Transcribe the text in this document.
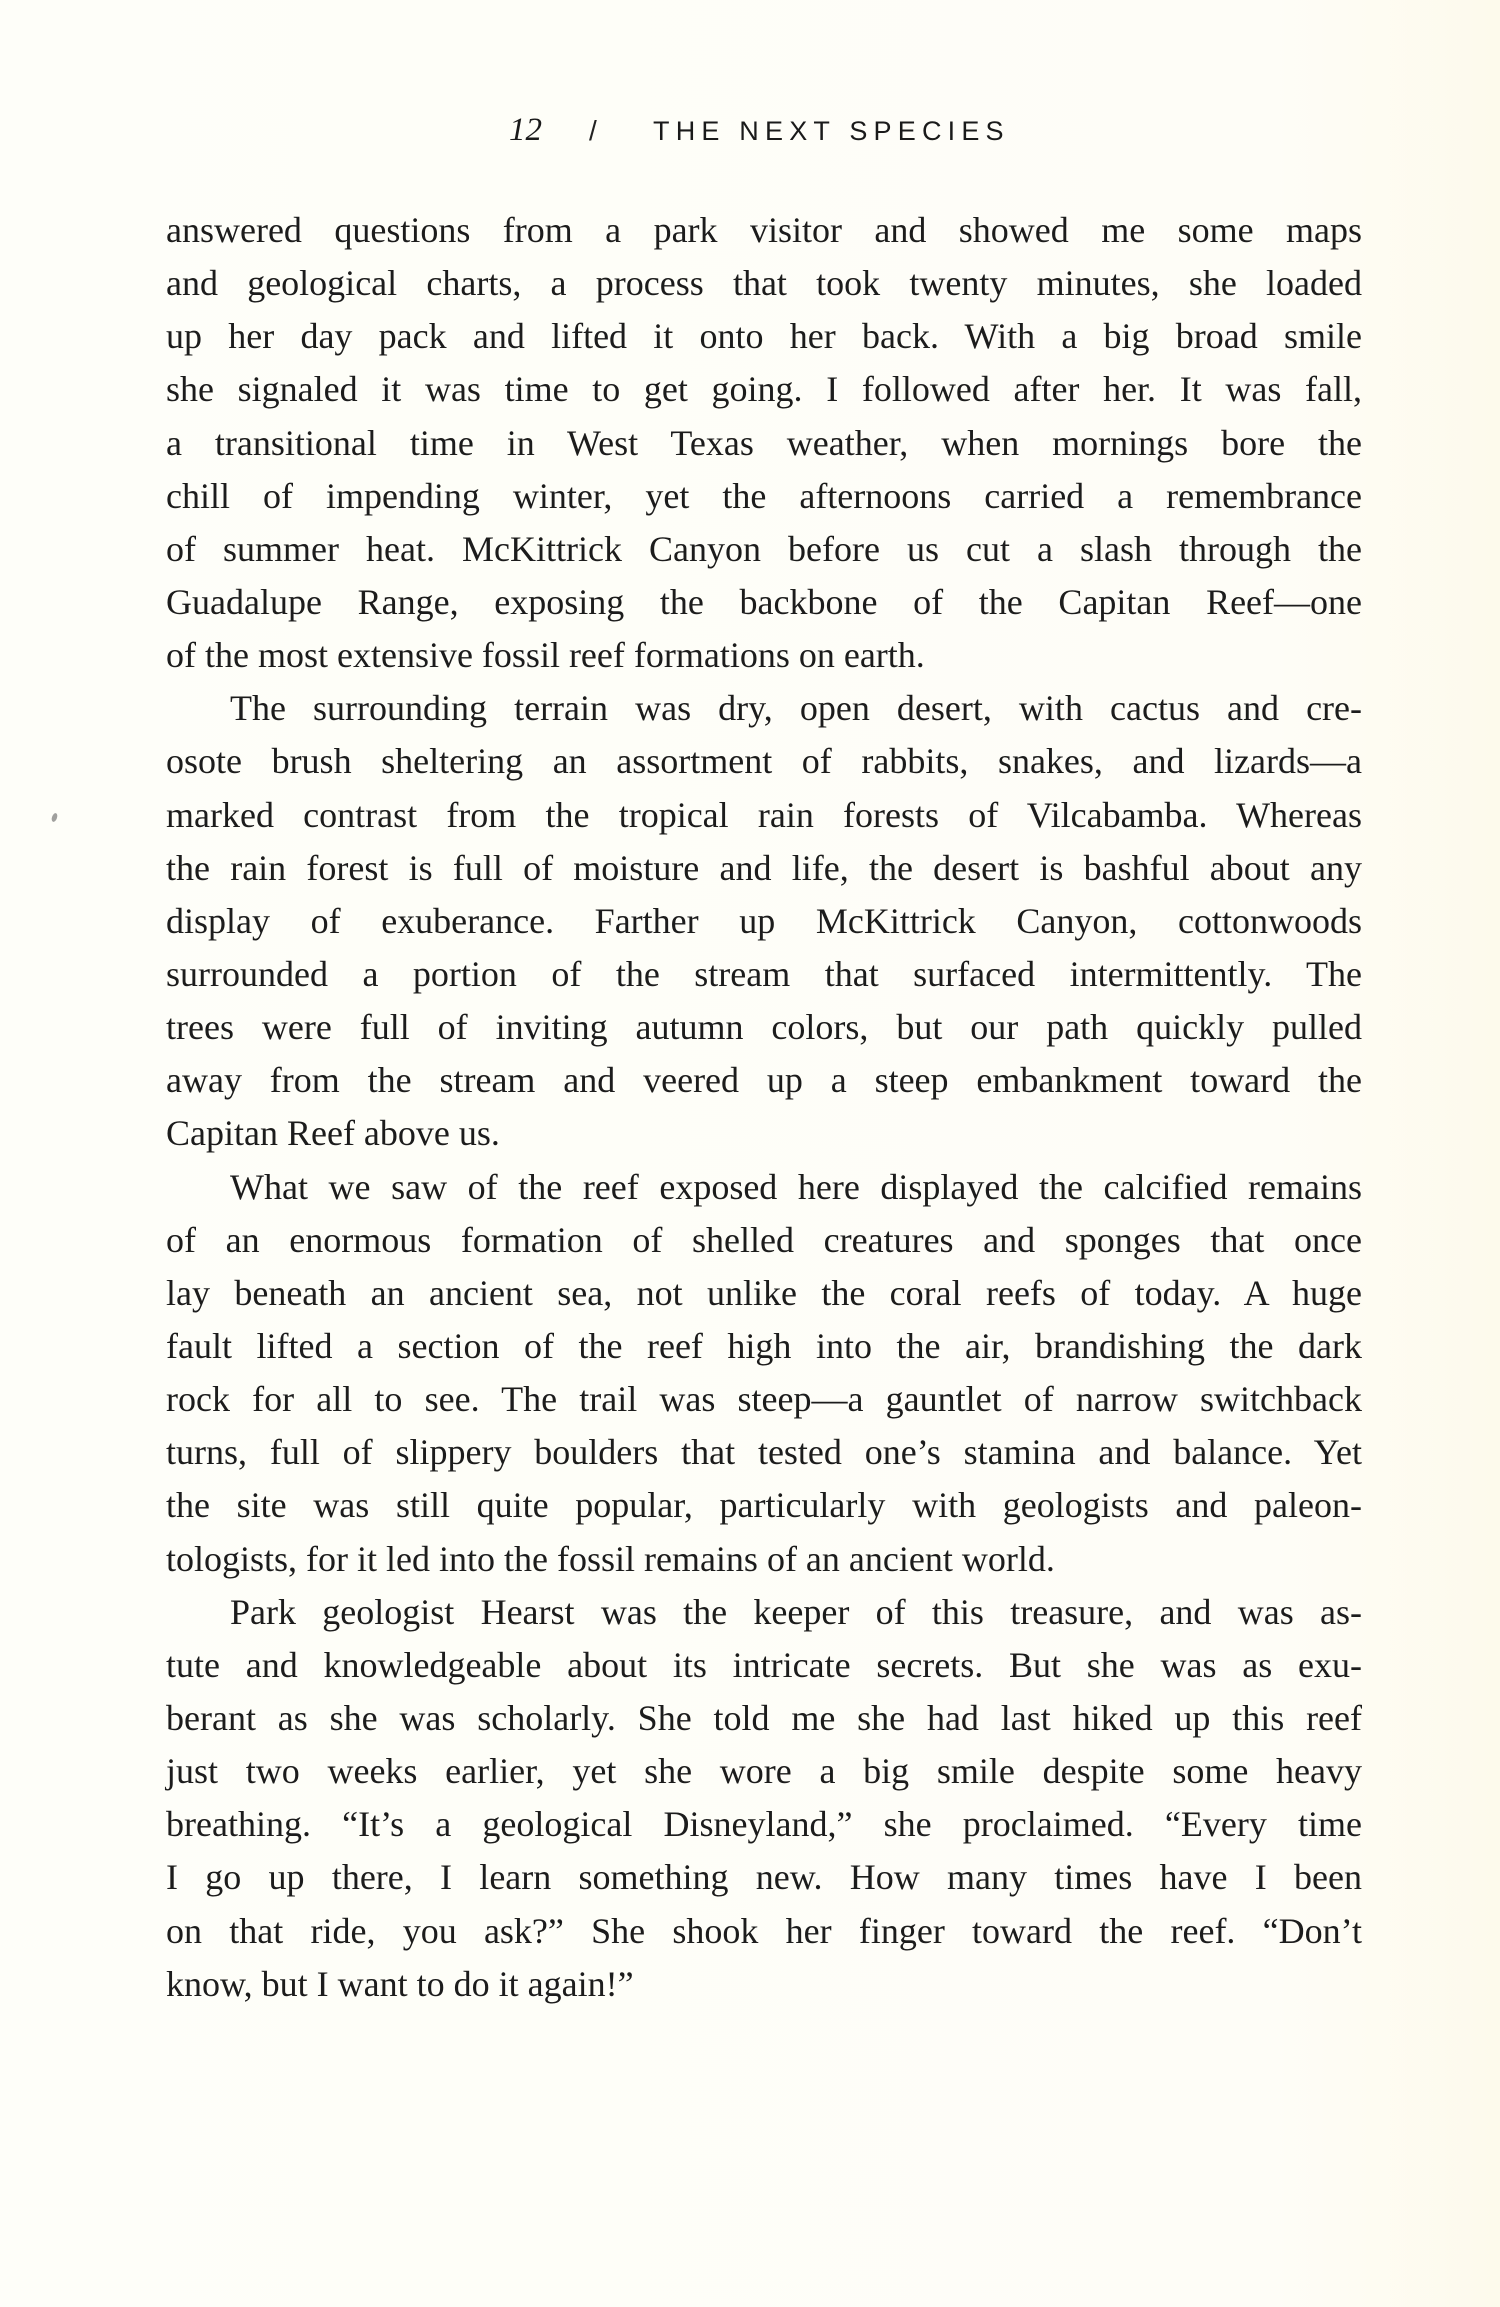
12 / THE NEXT SPECIES
answered questions from a park visitor and showed me some maps
and geological charts, a process that took twenty minutes, she loaded
up her day pack and lifted it onto her back. With a big broad smile
she signaled it was time to get going. I followed after her. It was fall,
a transitional time in West Texas weather, when mornings bore the
chill of impending winter, yet the afternoons carried a remembrance
of summer heat. McKittrick Canyon before us cut a slash through the
Guadalupe Range, exposing the backbone of the Capitan Reef—one
of the most extensive fossil reef formations on earth.
The surrounding terrain was dry, open desert, with cactus and cre-
osote brush sheltering an assortment of rabbits, snakes, and lizards—a
marked contrast from the tropical rain forests of Vilcabamba. Whereas
the rain forest is full of moisture and life, the desert is bashful about any
display of exuberance. Farther up McKittrick Canyon, cottonwoods
surrounded a portion of the stream that surfaced intermittently. The
trees were full of inviting autumn colors, but our path quickly pulled
away from the stream and veered up a steep embankment toward the
Capitan Reef above us.
What we saw of the reef exposed here displayed the calcified remains
of an enormous formation of shelled creatures and sponges that once
lay beneath an ancient sea, not unlike the coral reefs of today. A huge
fault lifted a section of the reef high into the air, brandishing the dark
rock for all to see. The trail was steep—a gauntlet of narrow switchback
turns, full of slippery boulders that tested one’s stamina and balance. Yet
the site was still quite popular, particularly with geologists and paleon-
tologists, for it led into the fossil remains of an ancient world.
Park geologist Hearst was the keeper of this treasure, and was as-
tute and knowledgeable about its intricate secrets. But she was as exu-
berant as she was scholarly. She told me she had last hiked up this reef
just two weeks earlier, yet she wore a big smile despite some heavy
breathing. “It’s a geological Disneyland,” she proclaimed. “Every time
I go up there, I learn something new. How many times have I been
on that ride, you ask?” She shook her finger toward the reef. “Don’t
know, but I want to do it again!”
